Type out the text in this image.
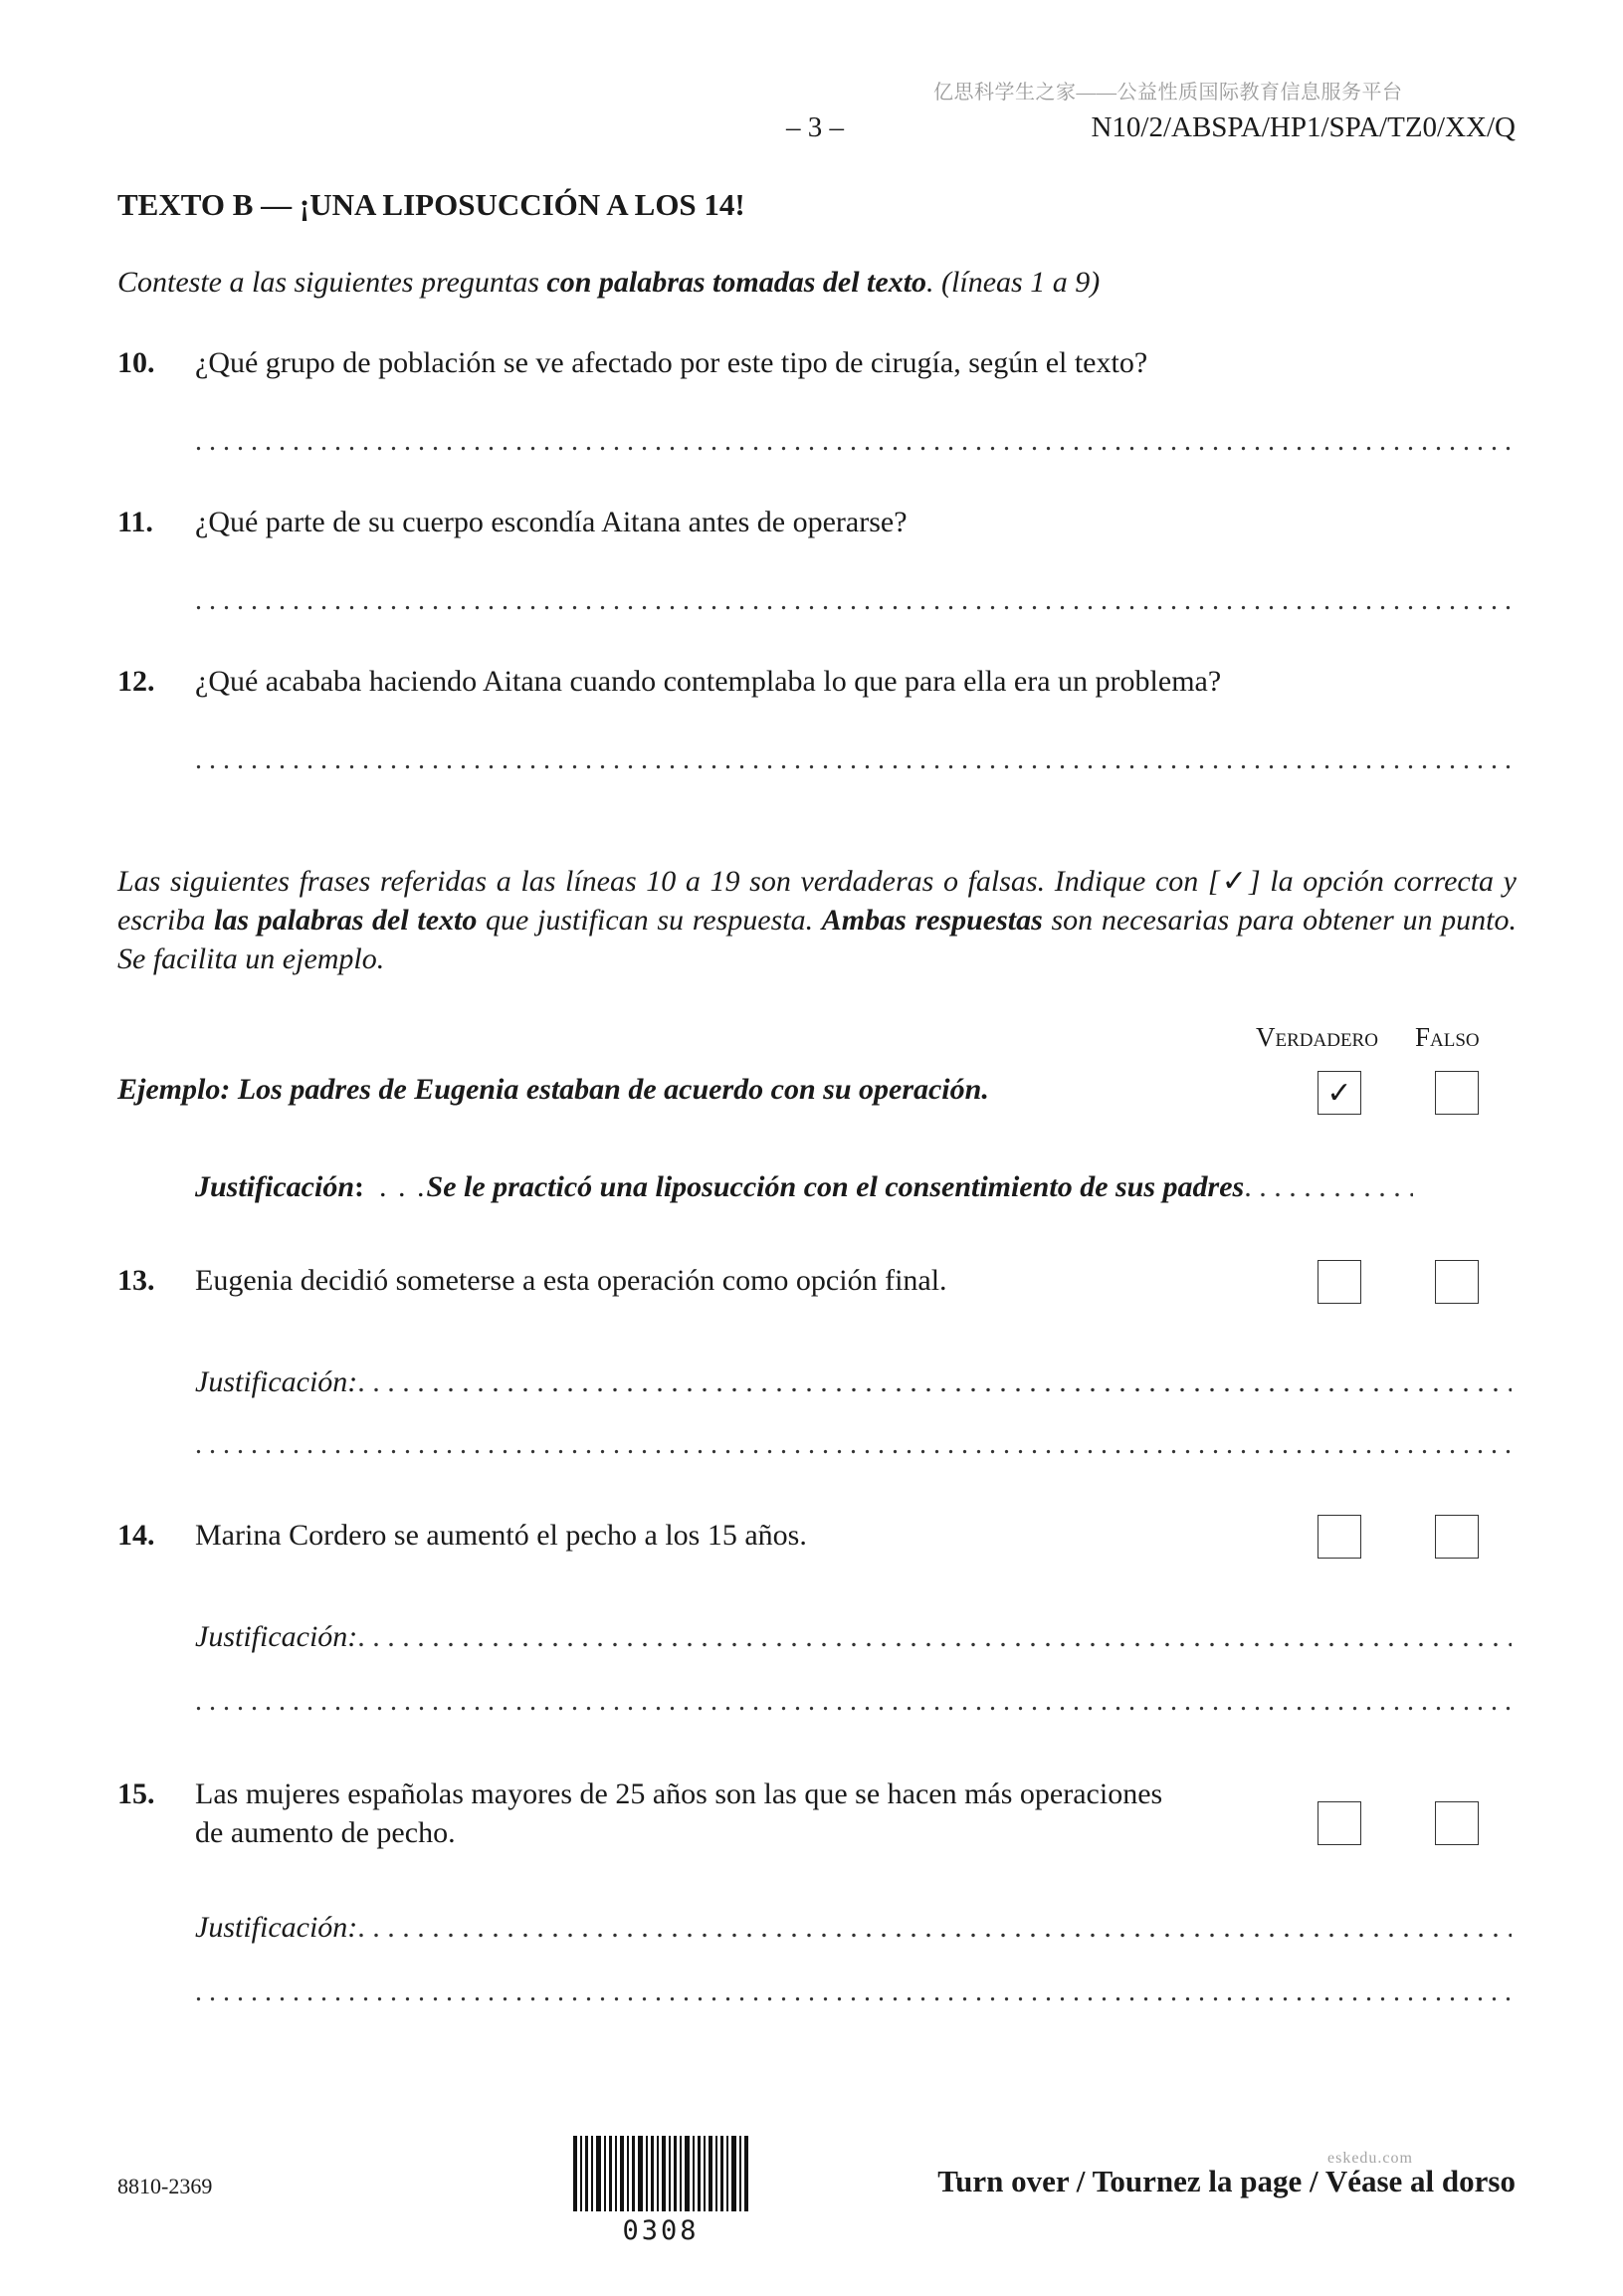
亿思科学生之家——公益性质国际教育信息服务平台
– 3 –	N10/2/ABSPA/HP1/SPA/TZ0/XX/Q
TEXTO B — ¡UNA LIPOSUCCIÓN A LOS 14!
Conteste a las siguientes preguntas con palabras tomadas del texto. (líneas 1 a 9)
10. ¿Qué grupo de población se ve afectado por este tipo de cirugía, según el texto?
. . .
11. ¿Qué parte de su cuerpo escondía Aitana antes de operarse?
. . .
12. ¿Qué acababa haciendo Aitana cuando contemplaba lo que para ella era un problema?
. . .
Las siguientes frases referidas a las líneas 10 a 19 son verdaderas o falsas. Indique con [✓] la opción correcta y escriba las palabras del texto que justifican su respuesta. Ambas respuestas son necesarias para obtener un punto. Se facilita un ejemplo.
Verdadero Falso
Ejemplo: Los padres de Eugenia estaban de acuerdo con su operación.	✓
Justificación: . . .Se le practicó una liposucción con el consentimiento de sus padres. . .
13. Eugenia decidió someterse a esta operación como opción final.
Justificación:. . .
. . .
14. Marina Cordero se aumentó el pecho a los 15 años.
Justificación:. . .
. . .
15. Las mujeres españolas mayores de 25 años son las que se hacen más operaciones
de aumento de pecho.
Justificación:. . .
. . .
8810-2369
0308
eskedu.com
Turn over / Tournez la page / Véase al dorso
